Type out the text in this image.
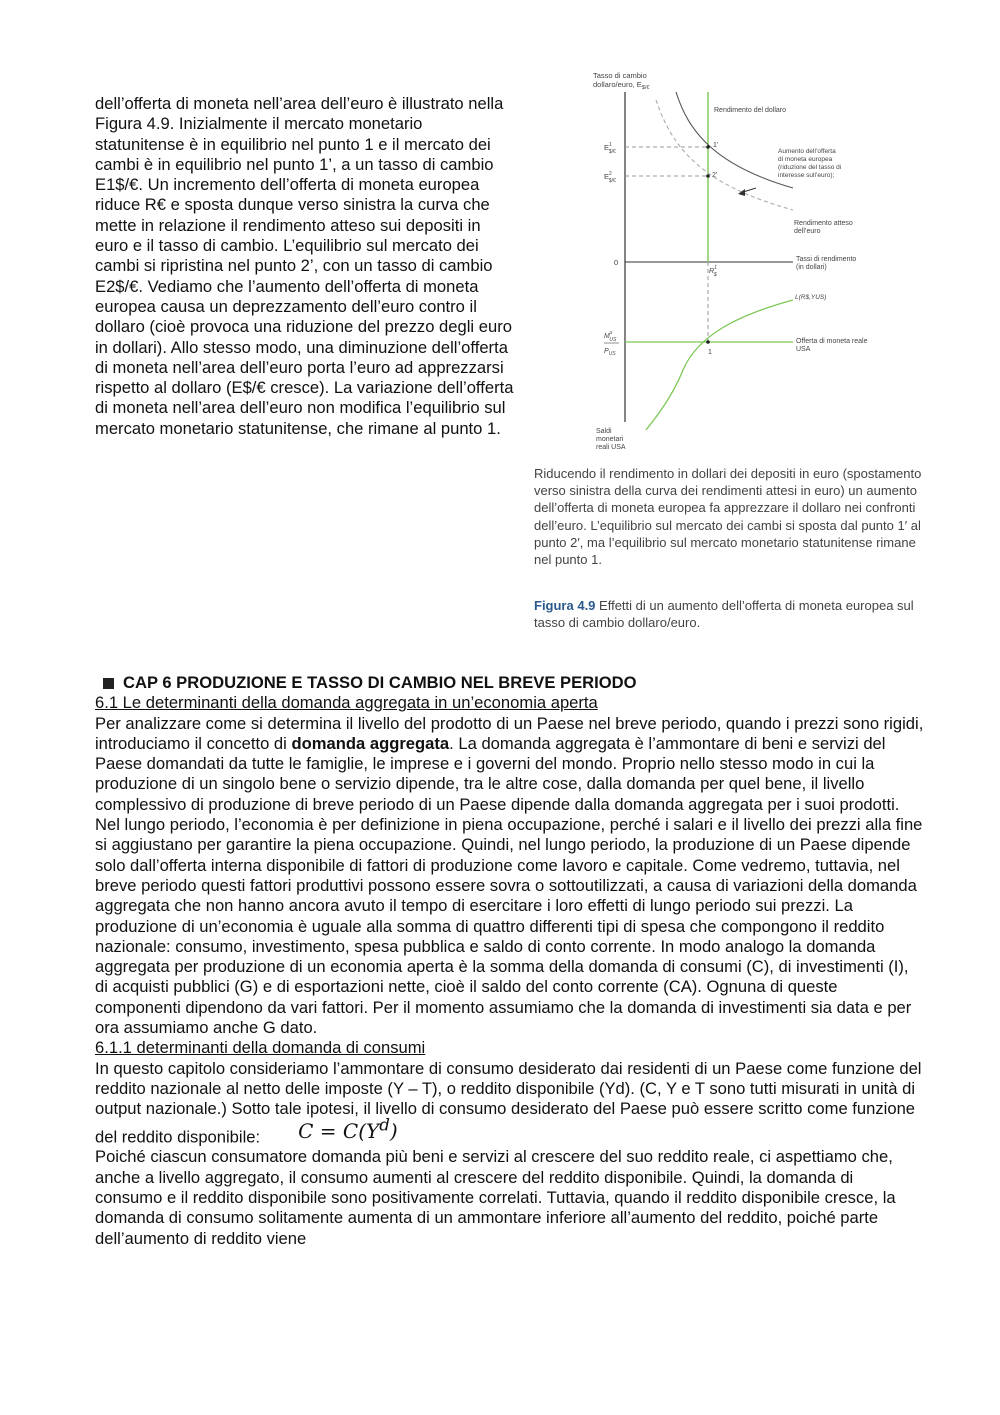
dell’offerta di moneta nell’area dell’euro è illustrato nella Figura 4.9. Inizialmente il mercato monetario statunitense è in equilibrio nel punto 1 e il mercato dei cambi è in equilibrio nel punto 1’, a un tasso di cambio E1$/€. Un incremento dell’offerta di moneta europea riduce R€ e sposta dunque verso sinistra la curva che mette in relazione il rendimento atteso sui depositi in euro e il tasso di cambio. L’equilibrio sul mercato dei cambi si ripristina nel punto 2’, con un tasso di cambio E2$/€. Vediamo che l’aumento dell’offerta di moneta europea causa un deprezzamento dell’euro contro il dollaro (cioè provoca una riduzione del prezzo degli euro in dollari). Allo stesso modo, una diminuzione dell’offerta di moneta nell’area dell’euro porta l’euro ad apprezzarsi rispetto al dollaro (E$/€ cresce). La variazione dell’offerta di moneta nell’area dell’euro non modifica l’equilibrio sul mercato monetario statunitense, che rimane al punto 1.

Tasso di cambio
dollaro/euro, $E_{\$/€}$
0
$E^1$ $/€
$E^2$ $/€
1’
2’
Rendimento del dollaro
Aumento dell’offerta
di moneta europea
(riduzione del tasso di
interesse sull’euro);
Rendimento atteso
dell’euro
Tassi di rendimento
(in dollari)
$R^1$ $
L(R$,YUS)
1
Offerta di moneta reale
USA
$M^s$ US
$P_{US}$
Saldi
monetari
reali USA
Riducendo il rendimento in dollari dei depositi in euro (spostamento verso sinistra della curva dei rendimenti attesi in euro) un aumento dell’offerta di moneta europea fa apprezzare il dollaro nei confronti dell’euro. L’equilibrio sul mercato dei cambi si sposta dal punto 1′ al punto 2′, ma l’equilibrio sul mercato monetario statunitense rimane nel punto 1.
Figura 4.9 Effetti di un aumento dell’offerta di moneta europea sul tasso di cambio dollaro/euro.

CAP 6 PRODUZIONE E TASSO DI CAMBIO NEL BREVE PERIODO

6.1 Le determinanti della domanda aggregata in un’economia aperta

Per analizzare come si determina il livello del prodotto di un Paese nel breve periodo, quando i prezzi sono rigidi, introduciamo il concetto di domanda aggregata. La domanda aggregata è l’ammontare di beni e servizi del Paese domandati da tutte le famiglie, le imprese e i governi del mondo. Proprio nello stesso modo in cui la produzione di un singolo bene o servizio dipende, tra le altre cose, dalla domanda per quel bene, il livello complessivo di produzione di breve periodo di un Paese dipende dalla domanda aggregata per i suoi prodotti. Nel lungo periodo, l’economia è per definizione in piena occupazione, perché i salari e il livello dei prezzi alla fine si aggiustano per garantire la piena occupazione. Quindi, nel lungo periodo, la produzione di un Paese dipende solo dall’offerta interna disponibile di fattori di produzione come lavoro e capitale. Come vedremo, tuttavia, nel breve periodo questi fattori produttivi possono essere sovra o sottoutilizzati, a causa di variazioni della domanda aggregata che non hanno ancora avuto il tempo di esercitare i loro effetti di lungo periodo sui prezzi. La produzione di un’economia è uguale alla somma di quattro differenti tipi di spesa che compongono il reddito nazionale: consumo, investimento, spesa pubblica e saldo di conto corrente. In modo analogo la domanda aggregata per produzione di un economia aperta è la somma della domanda di consumi (C), di investimenti (I), di acquisti pubblici (G) e di esportazioni nette, cioè il saldo del conto corrente (CA). Ognuna di queste componenti dipendono da vari fattori. Per il momento assumiamo che la domanda di investimenti sia data e per ora assumiamo anche G dato.

6.1.1 determinanti della domanda di consumi

In questo capitolo consideriamo l’ammontare di consumo desiderato dai residenti di un Paese come funzione del reddito nazionale al netto delle imposte (Y – T), o reddito disponibile (Yd). (C, Y e T sono tutti misurati in unità di output nazionale.) Sotto tale ipotesi, il livello di consumo desiderato del Paese può essere scritto come funzione del reddito disponibile: $C = C(Y^d)$

Poiché ciascun consumatore domanda più beni e servizi al crescere del suo reddito reale, ci aspettiamo che, anche a livello aggregato, il consumo aumenti al crescere del reddito disponibile. Quindi, la domanda di consumo e il reddito disponibile sono positivamente correlati. Tuttavia, quando il reddito disponibile cresce, la domanda di consumo solitamente aumenta di un ammontare inferiore all’aumento del reddito, poiché parte dell’aumento di reddito viene
